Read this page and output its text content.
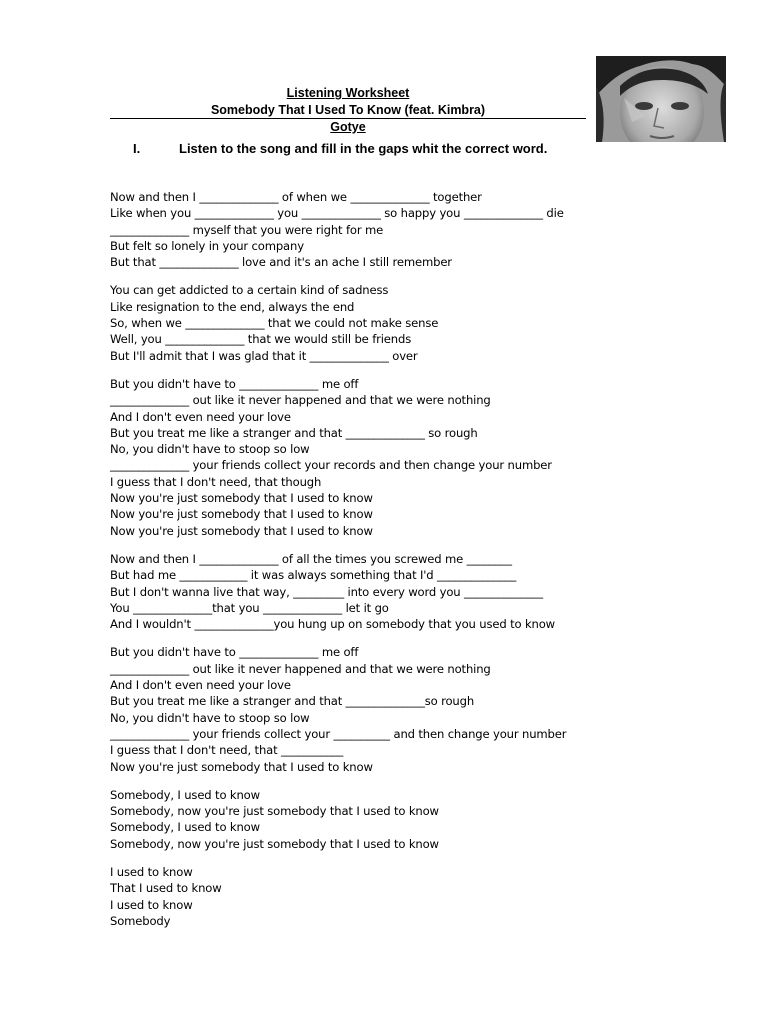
Listening Worksheet
Somebody That I Used To Know (feat. Kimbra)
Gotye
I.	Listen to the song and fill in the gaps whit the correct word.
Now and then I ______________ of when we ______________ together
Like when you ______________ you ______________ so happy you ______________ die
______________ myself that you were right for me
But felt so lonely in your company
But that ______________ love and it's an ache I still remember
You can get addicted to a certain kind of sadness
Like resignation to the end, always the end
So, when we ______________ that we could not make sense
Well, you ______________ that we would still be friends
But I'll admit that I was glad that it ______________ over
But you didn't have to ______________ me off
______________ out like it never happened and that we were nothing
And I don't even need your love
But you treat me like a stranger and that ______________ so rough
No, you didn't have to stoop so low
______________ your friends collect your records and then change your number
I guess that I don't need, that though
Now you're just somebody that I used to know
Now you're just somebody that I used to know
Now you're just somebody that I used to know
Now and then I ______________ of all the times you screwed me ________
But had me ____________ it was always something that I'd ______________
But I don't wanna live that way, _________ into every word you ______________
You ______________that you ______________ let it go
And I wouldn't ______________you hung up on somebody that you used to know
But you didn't have to ______________ me off
______________ out like it never happened and that we were nothing
And I don't even need your love
But you treat me like a stranger and that ______________so rough
No, you didn't have to stoop so low
______________ your friends collect your __________ and then change your number
I guess that I don't need, that ___________
Now you're just somebody that I used to know
Somebody, I used to know
Somebody, now you're just somebody that I used to know
Somebody, I used to know
Somebody, now you're just somebody that I used to know
I used to know
That I used to know
I used to know
Somebody
